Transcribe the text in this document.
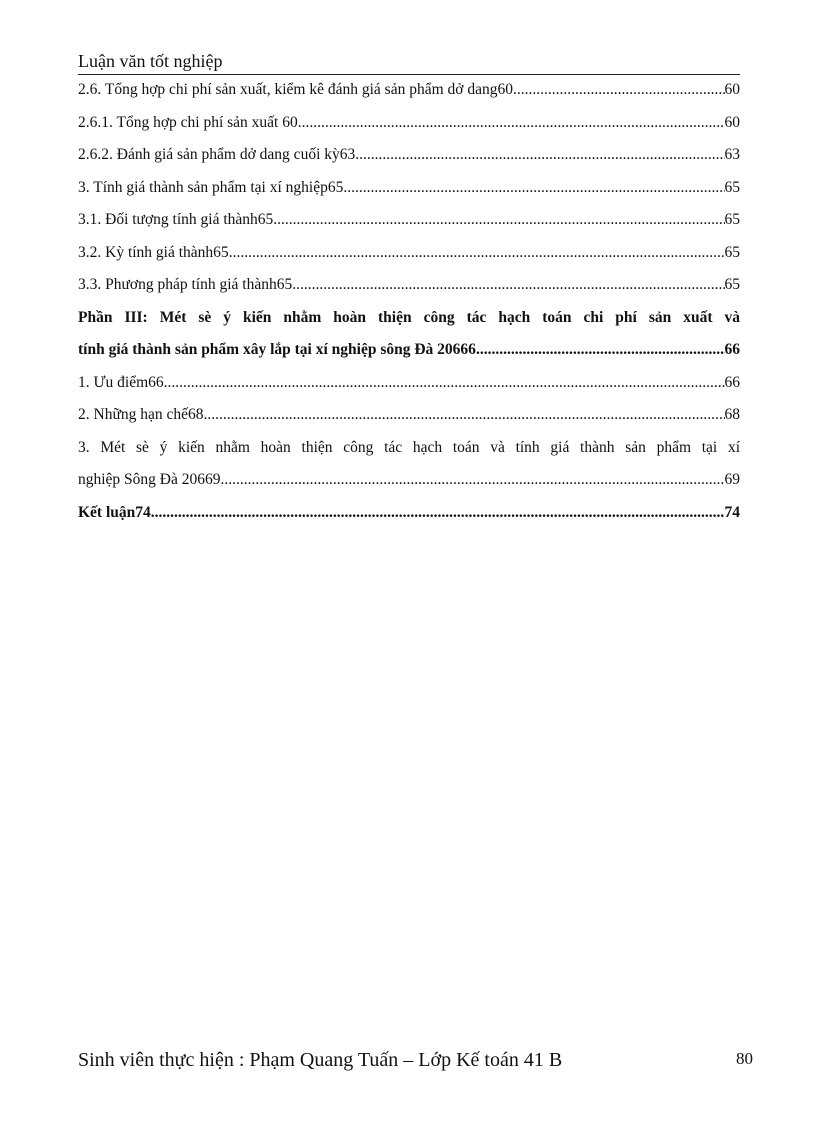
Luận văn tốt nghiệp
2.6. Tổng hợp chi phí sản xuất, kiểm kê đánh giá sản phẩm dở dang60 .....	60
2.6.1. Tổng hợp chi phí sản xuất 60 .....	60
2.6.2. Đánh giá sản phẩm dở dang cuối kỳ63 .....	63
3. Tính giá thành sản phẩm tại xí nghiệp65 .....	65
3.1. Đối tượng tính giá thành65 .....	65
3.2. Kỳ tính giá thành65 .....	65
3.3. Phương pháp tính giá thành65 .....	65
Phần III: Mét sè ý kiến nhằm hoàn thiện công tác hạch toán chi phí sản xuất và
tính giá thành sản phẩm xây lắp tại xí nghiệp sông Đà 20666 .....	66
1. Ưu điểm66 .....	66
2. Những hạn chế68 .....	68
3. Mét sè ý kiến nhằm hoàn thiện công tác hạch toán và tính giá thành sản phẩm tại xí
nghiệp Sông Đà 20669 .....	69
Kết luận74 .....	74
Sinh viên thực hiện : Phạm Quang Tuấn – Lớp Kế toán 41 B	80
